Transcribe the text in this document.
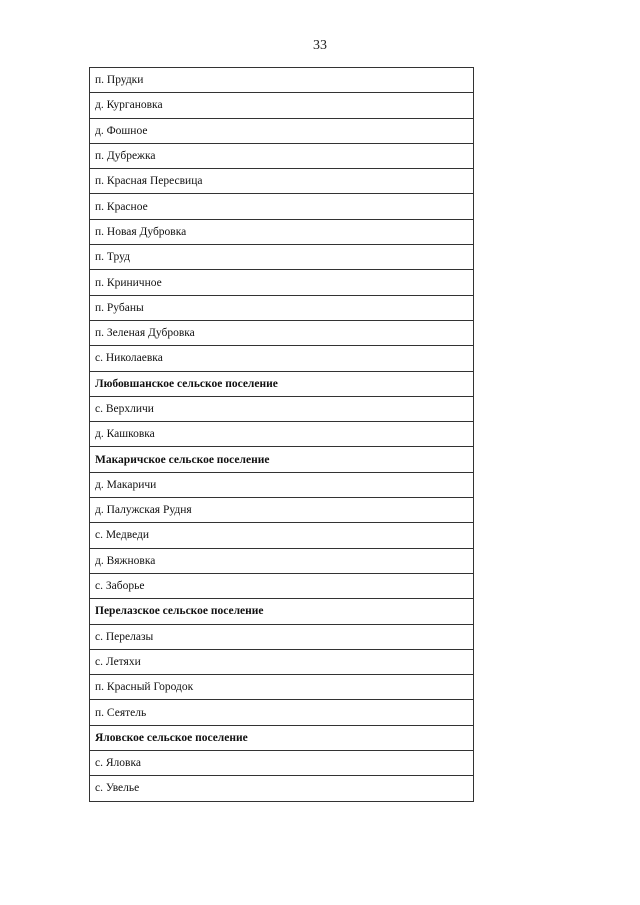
33
п. Прудки
д. Кургановка
д. Фошное
п. Дубрежка
п. Красная Пересвица
п. Красное
п. Новая Дубровка
п. Труд
п. Криничное
п. Рубаны
п. Зеленая Дубровка
с. Николаевка
Любовшанское сельское поселение
с. Верхличи
д. Кашковка
Макаричское сельское поселение
д. Макаричи
д. Палужская Рудня
с. Медведи
д. Вяжновка
с. Заборье
Перелазское сельское поселение
с. Перелазы
с. Летяхи
п. Красный Городок
п. Сеятель
Яловское сельское поселение
с. Яловка
с. Увелье
